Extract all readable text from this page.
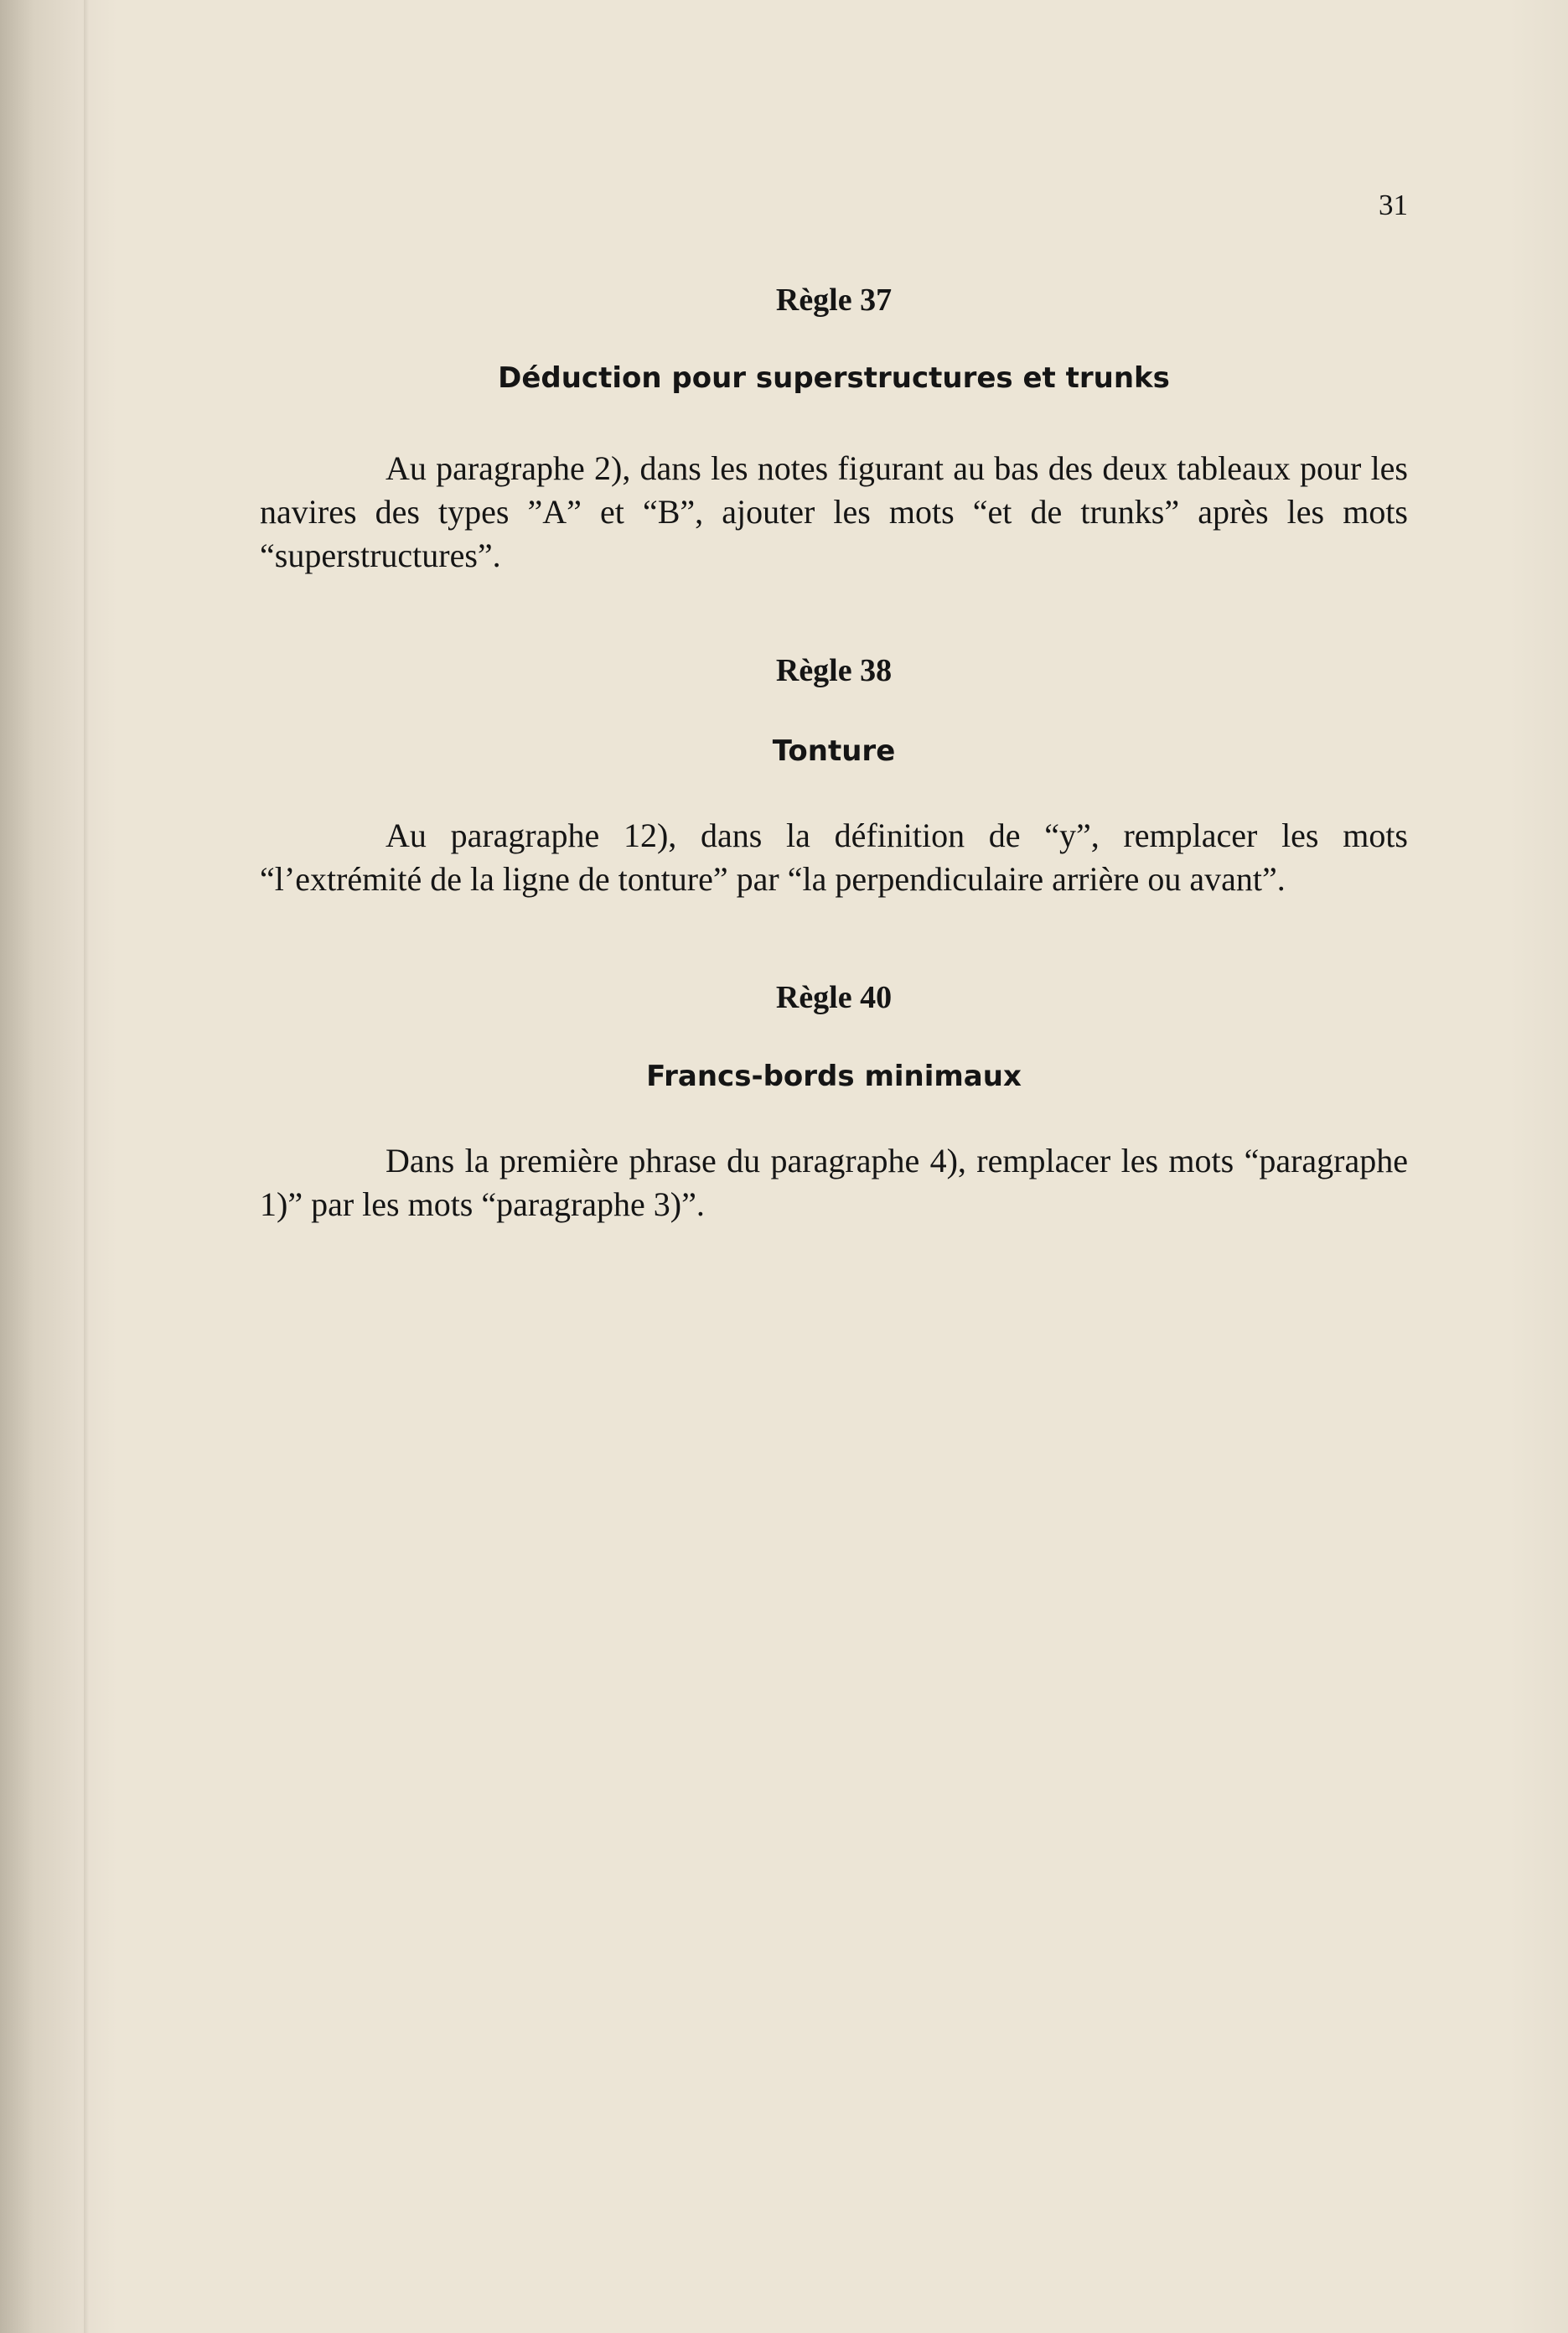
31
Règle 37
Déduction pour superstructures et trunks

Au paragraphe 2), dans les notes figurant au bas des deux tableaux pour les navires des types ”A” et “B”, ajouter les mots “et de trunks” après les mots “superstructures”.

Règle 38
Tonture

Au paragraphe 12), dans la définition de “y”, remplacer les mots “l’extrémité de la ligne de tonture” par “la perpendiculaire arrière ou avant”.

Règle 40
Francs-bords minimaux

Dans la première phrase du paragraphe 4), remplacer les mots “paragraphe 1)” par les mots “paragraphe 3)”.
